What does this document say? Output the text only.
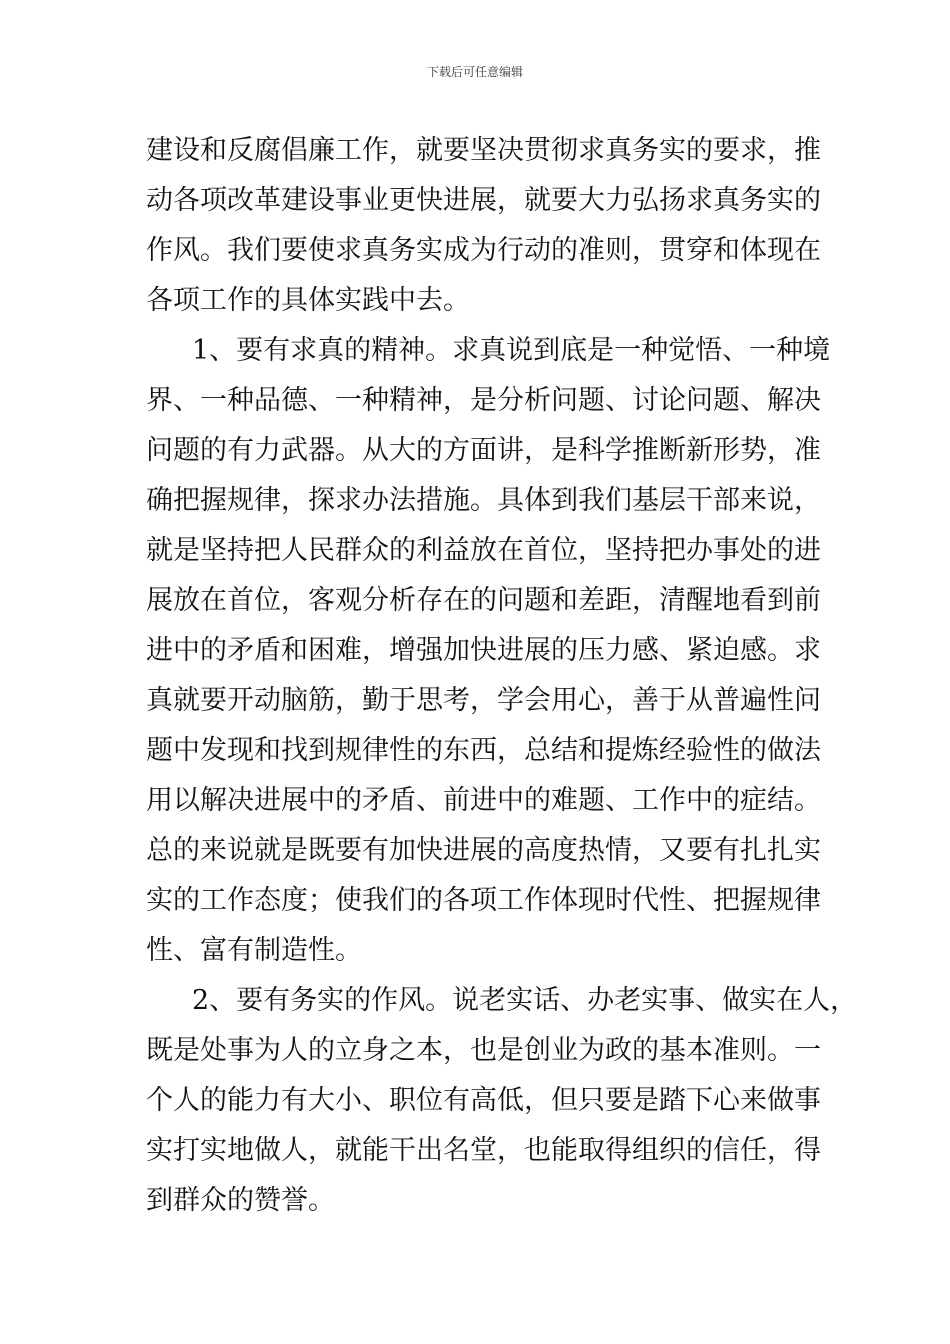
下载后可任意编辑
建设和反腐倡廉工作，就要坚决贯彻求真务实的要求，推
动各项改革建设事业更快进展，就要大力弘扬求真务实的
作风。我们要使求真务实成为行动的准则，贯穿和体现在
各项工作的具体实践中去。
1、要有求真的精神。求真说到底是一种觉悟、一种境
界、一种品德、一种精神，是分析问题、讨论问题、解决
问题的有力武器。从大的方面讲，是科学推断新形势，准
确把握规律，探求办法措施。具体到我们基层干部来说，
就是坚持把人民群众的利益放在首位，坚持把办事处的进
展放在首位，客观分析存在的问题和差距，清醒地看到前
进中的矛盾和困难，增强加快进展的压力感、紧迫感。求
真就要开动脑筋，勤于思考，学会用心，善于从普遍性问
题中发现和找到规律性的东西，总结和提炼经验性的做法
用以解决进展中的矛盾、前进中的难题、工作中的症结。
总的来说就是既要有加快进展的高度热情，又要有扎扎实
实的工作态度；使我们的各项工作体现时代性、把握规律
性、富有制造性。
2、要有务实的作风。说老实话、办老实事、做实在人，
既是处事为人的立身之本，也是创业为政的基本准则。一
个人的能力有大小、职位有高低，但只要是踏下心来做事
实打实地做人，就能干出名堂，也能取得组织的信任，得
到群众的赞誉。
